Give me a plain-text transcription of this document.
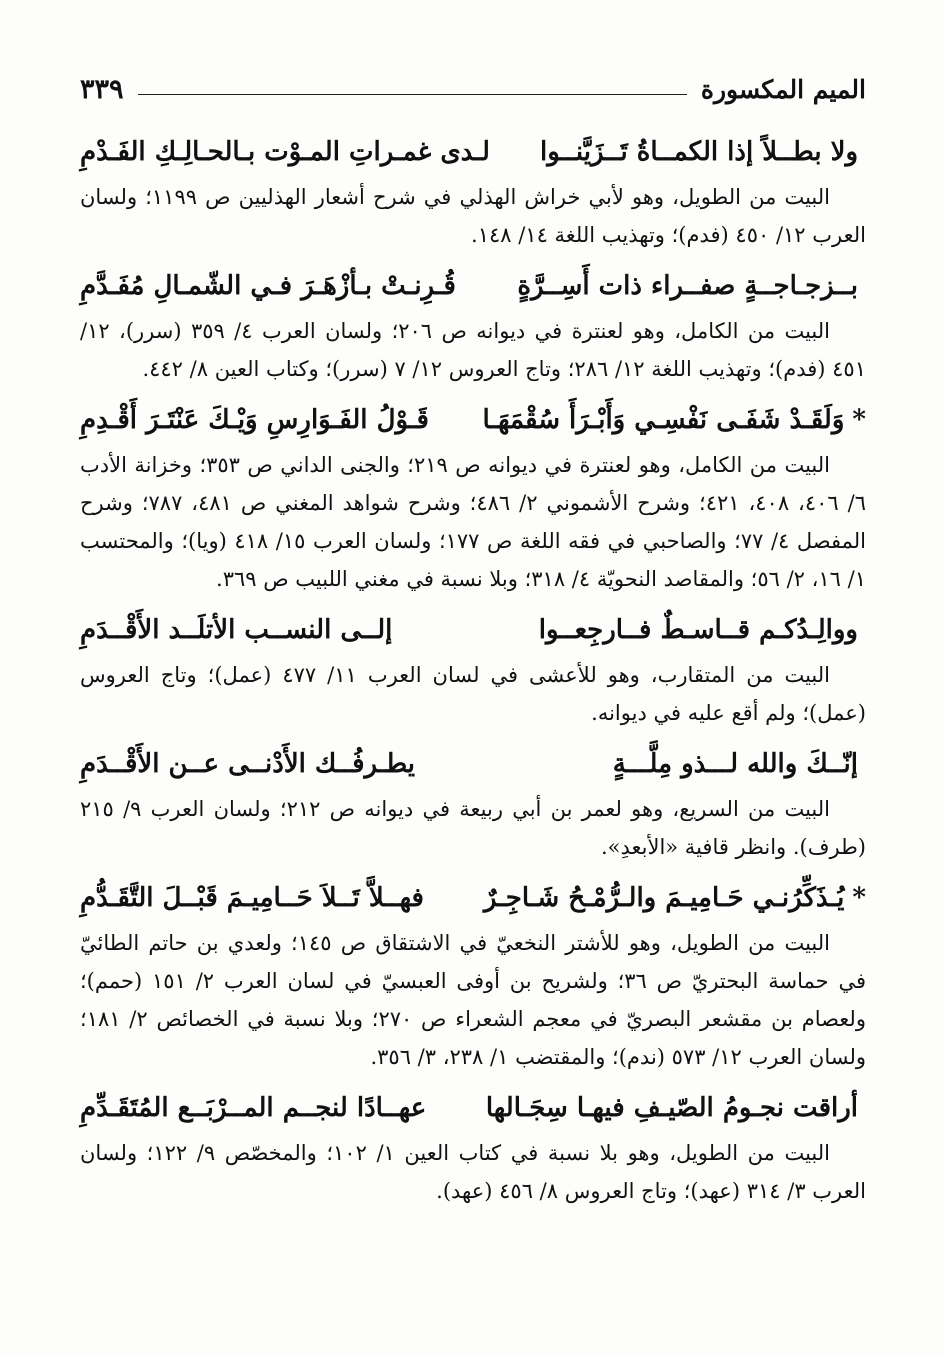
الميم المكسورة
٣٣٩
ولا بطــلاً إذا الكمــاةُ تَــزَيَّنــوا
لـدى غمـراتِ المـوْت بـالحـالِـكِ الفَـدْمِ

البيت من الطويل، وهو لأبي خراش الهذلي في شرح أشعار الهذليين ص ١١٩٩؛ ولسان العرب ١٢/ ٤٥٠ (فدم)؛ وتهذيب اللغة ١٤/ ١٤٨.

بــزجـاجــةٍ صفــراء ذات أَسِــرَّةٍ
قُـرِنـتْ بـأزْهَـرَ فـي الشّمـالِ مُفَـدَّمِ

البيت من الكامل، وهو لعنترة في ديوانه ص ٢٠٦؛ ولسان العرب ٤/ ٣٥٩ (سرر)، ١٢/ ٤٥١ (فدم)؛ وتهذيب اللغة ١٢/ ٢٨٦؛ وتاج العروس ١٢/ ٧ (سرر)؛ وكتاب العين ٨/ ٤٤٢.

*وَلَقَـدْ شَفَـى نَفْسِـي وَأَبْـرَأَ سُقْمَهَـا
قَـوْلُ الفَـوَارِسِ وَيْـكَ عَنْتَـرَ أَقْـدِمِ

البيت من الكامل، وهو لعنترة في ديوانه ص ٢١٩؛ والجنى الداني ص ٣٥٣؛ وخزانة الأدب ٦/ ٤٠٦، ٤٠٨، ٤٢١؛ وشرح الأشموني ٢/ ٤٨٦؛ وشرح شواهد المغني ص ٤٨١، ٧٨٧؛ وشرح المفصل ٤/ ٧٧؛ والصاحبي في فقه اللغة ص ١٧٧؛ ولسان العرب ١٥/ ٤١٨ (ويا)؛ والمحتسب ١/ ١٦، ٢/ ٥٦؛ والمقاصد النحويّة ٤/ ٣١٨؛ وبلا نسبة في مغني اللبيب ص ٣٦٩.

ووالِـدُكـم قــاسـطٌ فــارجِعــوا
إلــى النســب الأتلَــد الأَقْــدَمِ

البيت من المتقارب، وهو للأعشى في لسان العرب ١١/ ٤٧٧ (عمل)؛ وتاج العروس (عمل)؛ ولم أقع عليه في ديوانه.

إنّــكَ والله لـــذو مِلَّـــةٍ
يطـرفُــك الأَدْنــى عــن الأَقْــدَمِ

البيت من السريع، وهو لعمر بن أبي ربيعة في ديوانه ص ٢١٢؛ ولسان العرب ٩/ ٢١٥ (طرف). وانظر قافية «الأبعدِ».

*يُـذَكِّرُنـي حَـامِيـمَ والـرُّمْـحُ شَـاجِـرٌ
فهــلاَّ تَــلاَ حَــامِيـمَ قَبْــلَ التَّقَـدُّمِ

البيت من الطويل، وهو للأشتر النخعيّ في الاشتقاق ص ١٤٥؛ ولعدي بن حاتم الطائيّ في حماسة البحتريّ ص ٣٦؛ ولشريح بن أوفى العبسيّ في لسان العرب ٢/ ١٥١ (حمم)؛ ولعصام بن مقشعر البصريّ في معجم الشعراء ص ٢٧٠؛ وبلا نسبة في الخصائص ٢/ ١٨١؛ ولسان العرب ١٢/ ٥٧٣ (ندم)؛ والمقتضب ١/ ٢٣٨، ٣/ ٣٥٦.

أراقت نجـومُ الصّيـفِ فيهـا سِجَـالها
عهــادًا لنجــم المــرْبَــع المُتَقَـدِّمِ

البيت من الطويل، وهو بلا نسبة في كتاب العين ١/ ١٠٢؛ والمخصّص ٩/ ١٢٢؛ ولسان العرب ٣/ ٣١٤ (عهد)؛ وتاج العروس ٨/ ٤٥٦ (عهد).
